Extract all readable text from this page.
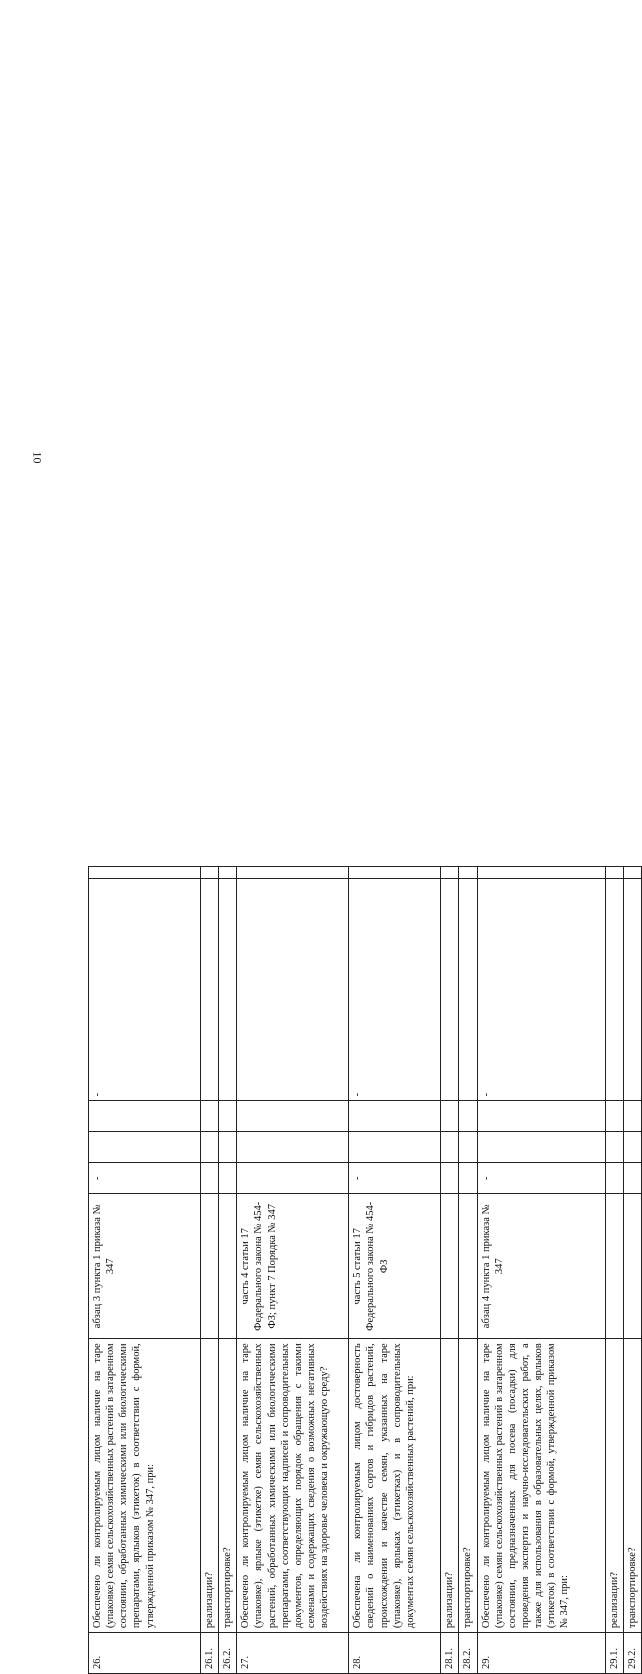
10
26.	Обеспечено ли контролируемым лицом наличие на таре (упаковке) семян сельскохозяйственных растений в затаренном состоянии, обработанных химическими или биологическими препаратами, ярлыков (этикеток) в соответствии с формой, утвержденной приказом № 347, при:	абзац 3 пункта 1 приказа № 347	-			-	
26.1.	реализации?						
26.2.	транспортировке?						
27.	Обеспечено ли контролируемым лицом наличие на таре (упаковке), ярлыке (этикетке) семян сельскохозяйственных растений, обработанных химическими или биологическими препаратами, соответствующих надписей и сопроводительных документов, определяющих порядок обращения с такими семенами и содержащих сведения о возможных негативных воздействиях на здоровье человека и окружающую среду?	часть 4 статьи 17 Федерального закона № 454-ФЗ; пункт 7 Порядка № 347					
28.	Обеспечена ли контролируемым лицом достоверность сведений о наименованиях сортов и гибридов растений, происхождении и качестве семян, указанных на таре (упаковке), ярлыках (этикетках) и в сопроводительных документах семян сельскохозяйственных растений, при:	часть 5 статьи 17 Федерального закона № 454-ФЗ	-			-	
28.1.	реализации?						
28.2.	транспортировке?						
29.	Обеспечено ли контролируемым лицом наличие на таре (упаковке) семян сельскохозяйственных растений в затаренном состоянии, предназначенных для посева (посадки) для проведения экспертиз и научно-исследовательских работ, а также для использования в образовательных целях, ярлыков (этикеток) в соответствии с формой, утвержденной приказом № 347, при:	абзац 4 пункта 1 приказа № 347	-			-	
29.1.	реализации?						
29.2.	транспортировке?						
